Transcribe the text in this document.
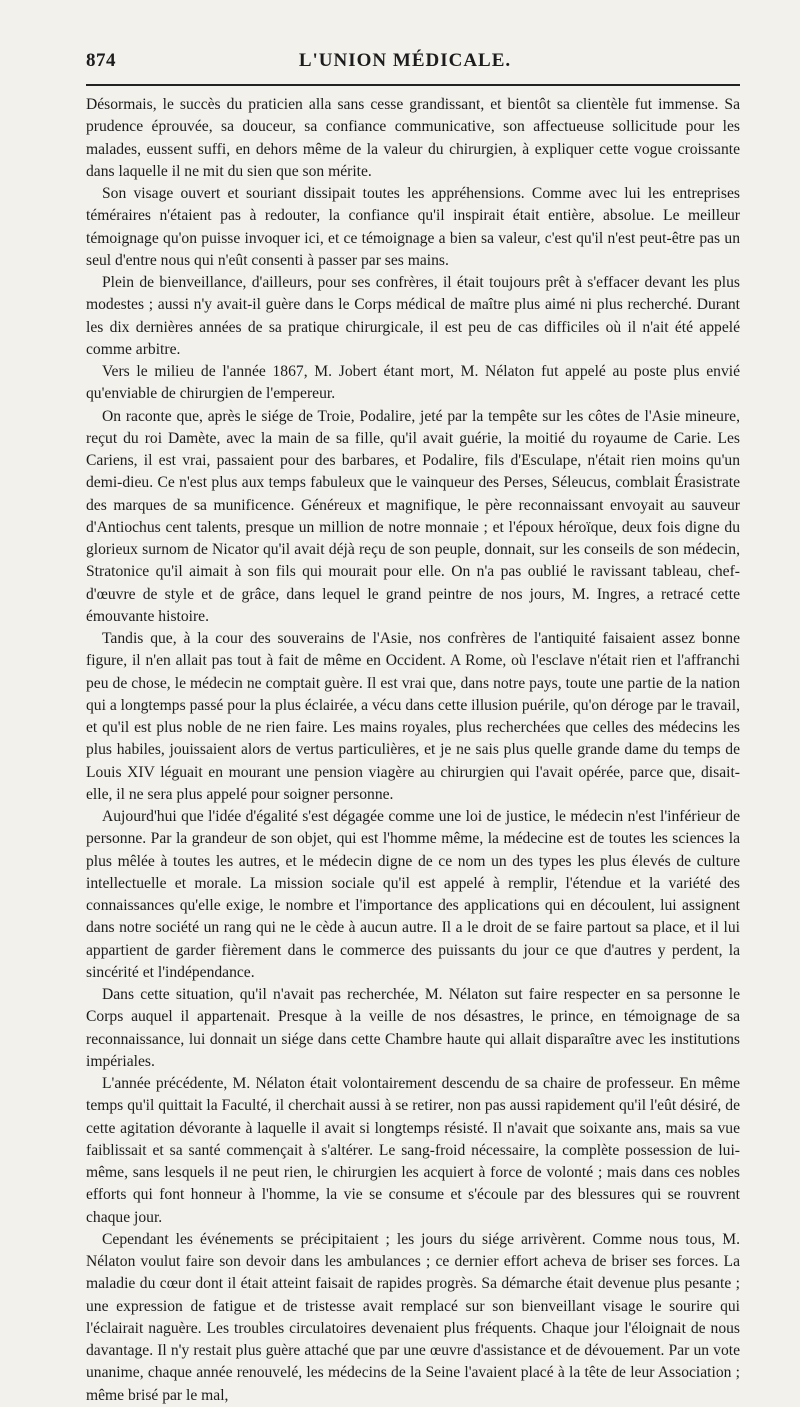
874	L'UNION MÉDICALE.

Désormais, le succès du praticien alla sans cesse grandissant, et bientôt sa clientèle fut immense. Sa prudence éprouvée, sa douceur, sa confiance communicative, son affectueuse sollicitude pour les malades, eussent suffi, en dehors même de la valeur du chirurgien, à expliquer cette vogue croissante dans laquelle il ne mit du sien que son mérite.

Son visage ouvert et souriant dissipait toutes les appréhensions. Comme avec lui les entreprises téméraires n'étaient pas à redouter, la confiance qu'il inspirait était entière, absolue. Le meilleur témoignage qu'on puisse invoquer ici, et ce témoignage a bien sa valeur, c'est qu'il n'est peut-être pas un seul d'entre nous qui n'eût consenti à passer par ses mains.

Plein de bienveillance, d'ailleurs, pour ses confrères, il était toujours prêt à s'effacer devant les plus modestes ; aussi n'y avait-il guère dans le Corps médical de maître plus aimé ni plus recherché. Durant les dix dernières années de sa pratique chirurgicale, il est peu de cas difficiles où il n'ait été appelé comme arbitre.

Vers le milieu de l'année 1867, M. Jobert étant mort, M. Nélaton fut appelé au poste plus envié qu'enviable de chirurgien de l'empereur.

On raconte que, après le siége de Troie, Podalire, jeté par la tempête sur les côtes de l'Asie mineure, reçut du roi Damète, avec la main de sa fille, qu'il avait guérie, la moitié du royaume de Carie. Les Cariens, il est vrai, passaient pour des barbares, et Podalire, fils d'Esculape, n'était rien moins qu'un demi-dieu. Ce n'est plus aux temps fabuleux que le vainqueur des Perses, Séleucus, comblait Érasistrate des marques de sa munificence. Généreux et magnifique, le père reconnaissant envoyait au sauveur d'Antiochus cent talents, presque un million de notre monnaie ; et l'époux héroïque, deux fois digne du glorieux surnom de Nicator qu'il avait déjà reçu de son peuple, donnait, sur les conseils de son médecin, Stratonice qu'il aimait à son fils qui mourait pour elle. On n'a pas oublié le ravissant tableau, chef-d'œuvre de style et de grâce, dans lequel le grand peintre de nos jours, M. Ingres, a retracé cette émouvante histoire.

Tandis que, à la cour des souverains de l'Asie, nos confrères de l'antiquité faisaient assez bonne figure, il n'en allait pas tout à fait de même en Occident. A Rome, où l'esclave n'était rien et l'affranchi peu de chose, le médecin ne comptait guère. Il est vrai que, dans notre pays, toute une partie de la nation qui a longtemps passé pour la plus éclairée, a vécu dans cette illusion puérile, qu'on déroge par le travail, et qu'il est plus noble de ne rien faire. Les mains royales, plus recherchées que celles des médecins les plus habiles, jouissaient alors de vertus particulières, et je ne sais plus quelle grande dame du temps de Louis XIV léguait en mourant une pension viagère au chirurgien qui l'avait opérée, parce que, disait-elle, il ne sera plus appelé pour soigner personne.

Aujourd'hui que l'idée d'égalité s'est dégagée comme une loi de justice, le médecin n'est l'inférieur de personne. Par la grandeur de son objet, qui est l'homme même, la médecine est de toutes les sciences la plus mêlée à toutes les autres, et le médecin digne de ce nom un des types les plus élevés de culture intellectuelle et morale. La mission sociale qu'il est appelé à remplir, l'étendue et la variété des connaissances qu'elle exige, le nombre et l'importance des applications qui en découlent, lui assignent dans notre société un rang qui ne le cède à aucun autre. Il a le droit de se faire partout sa place, et il lui appartient de garder fièrement dans le commerce des puissants du jour ce que d'autres y perdent, la sincérité et l'indépendance.

Dans cette situation, qu'il n'avait pas recherchée, M. Nélaton sut faire respecter en sa personne le Corps auquel il appartenait. Presque à la veille de nos désastres, le prince, en témoignage de sa reconnaissance, lui donnait un siége dans cette Chambre haute qui allait disparaître avec les institutions impériales.

L'année précédente, M. Nélaton était volontairement descendu de sa chaire de professeur. En même temps qu'il quittait la Faculté, il cherchait aussi à se retirer, non pas aussi rapidement qu'il l'eût désiré, de cette agitation dévorante à laquelle il avait si longtemps résisté. Il n'avait que soixante ans, mais sa vue faiblissait et sa santé commençait à s'altérer. Le sang-froid nécessaire, la complète possession de lui-même, sans lesquels il ne peut rien, le chirurgien les acquiert à force de volonté ; mais dans ces nobles efforts qui font honneur à l'homme, la vie se consume et s'écoule par des blessures qui se rouvrent chaque jour.

Cependant les événements se précipitaient ; les jours du siége arrivèrent. Comme nous tous, M. Nélaton voulut faire son devoir dans les ambulances ; ce dernier effort acheva de briser ses forces. La maladie du cœur dont il était atteint faisait de rapides progrès. Sa démarche était devenue plus pesante ; une expression de fatigue et de tristesse avait remplacé sur son bienveillant visage le sourire qui l'éclairait naguère. Les troubles circulatoires devenaient plus fréquents. Chaque jour l'éloignait de nous davantage. Il n'y restait plus guère attaché que par une œuvre d'assistance et de dévouement. Par un vote unanime, chaque année renouvelé, les médecins de la Seine l'avaient placé à la tête de leur Association ; même brisé par le mal,
